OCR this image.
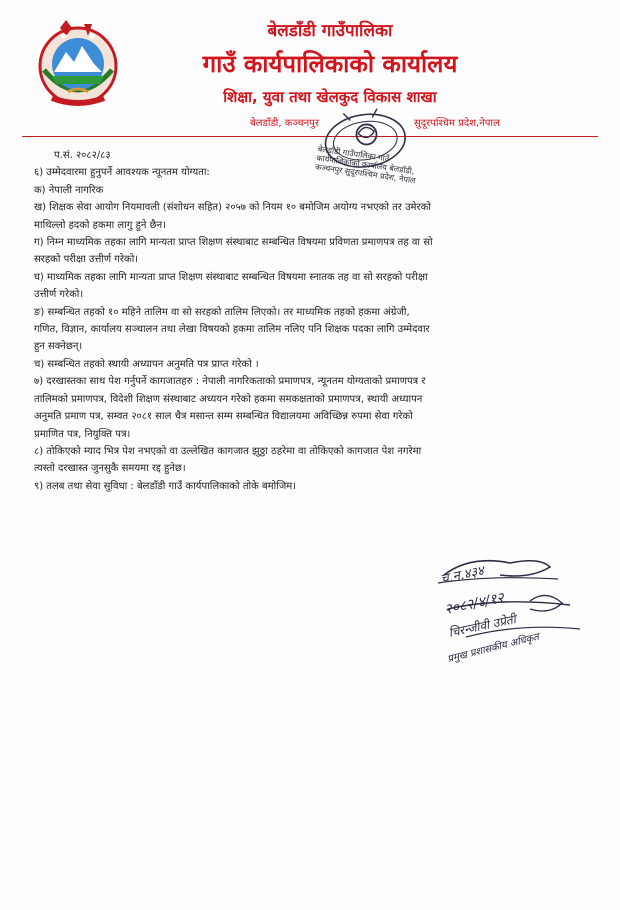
बेलडाँडी गाउँपालिका
गाउँ कार्यपालिकाको कार्यालय
शिक्षा, युवा तथा खेलकुद विकास शाखा
बेलडाँडी, कञ्चनपुर	सुदूरपश्चिम प्रदेश,नेपाल
बेलडाँडी गाउँपालिका गाउँ कार्यपालिकाको कार्यालय बेलडाँडी, कञ्चनपुर सुदूरपश्चिम प्रदेश, नेपाल

प.सं. २०८२/८३

६) उम्मेदवारमा हुनुपर्ने आवश्यक न्यूनतम योग्यता:

क) नेपाली नागरिक

ख) शिक्षक सेवा आयोग नियमावली (संशोधन सहित) २०५७ को नियम १० बमोजिम अयोग्य नभएको तर उमेरको

माथिल्लो हदको हकमा लागु हुने छैन।

ग) निम्न माध्यमिक तहका लागि मान्यता प्राप्त शिक्षण संस्थाबाट सम्बन्धित विषयमा प्रविणता प्रमाणपत्र तह वा सो

सरहको परीक्षा उत्तीर्ण गरेको।

घ) माध्यमिक तहका लागि मान्यता प्राप्त शिक्षण संस्थाबाट सम्बन्धित विषयमा स्नातक तह वा सो सरहको परीक्षा

उत्तीर्ण गरेको।

ङ) सम्बन्धित तहको १० महिने तालिम वा सो सरहको तालिम लिएको। तर माध्यमिक तहको हकमा अंग्रेजी,

गणित, विज्ञान, कार्यालय सञ्चालन तथा लेखा विषयको हकमा तालिम नलिए पनि शिक्षक पदका लागि उम्मेदवार

हुन सक्नेछन्।

च) सम्बन्धित तहको स्थायी अध्यापन अनुमति पत्र प्राप्त गरेको ।

७) दरखास्तका साथ पेश गर्नुपर्ने कागजातहरु : नेपाली नागरिकताको प्रमाणपत्र, न्यूनतम योग्यताको प्रमाणपत्र र

तालिमको प्रमाणपत्र, विदेशी शिक्षण संस्थाबाट अध्ययन गरेको हकमा समकक्षताको प्रमाणपत्र, स्थायी अध्यापन

अनुमति प्रमाण पत्र, सम्वत २०८१ साल चैत्र मसान्त सम्म सम्बन्धित विद्यालयमा अविच्छिन्न रुपमा सेवा गरेको

प्रमाणित पत्र, नियुक्ति पत्र।

८) तोकिएको म्याद भित्र पेश नभएको वा उल्लेखित कागजात झुठ्ठा ठहरेमा वा तोकिएको कागजात पेश नगरेमा

त्यस्तो दरखास्त जुनसुकै समयमा रद्द हुनेछ।

९) तलब तथा सेवा सुविधा : बेलडाँडी गाउँ कार्यपालिकाको तोके बमोजिम।

च.न.४३४
२०८२/४/१२
चिरन्जीवी उप्रेती
प्रमुख प्रशासकीय अधिकृत
